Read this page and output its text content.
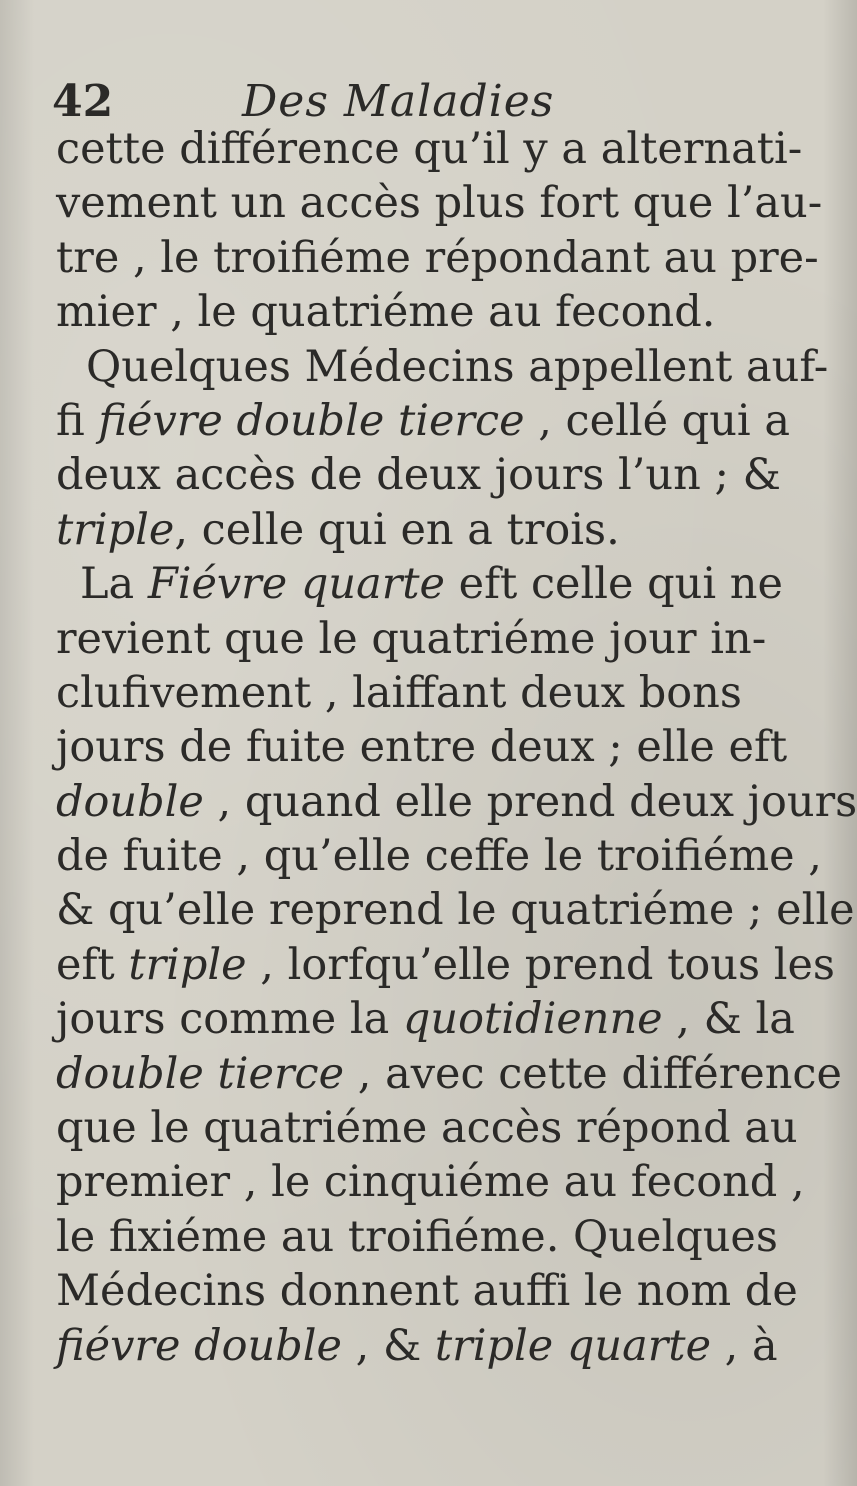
42	Des Maladies
cette différence qu’il y a alternati-
vement un accès plus fort que l’au-
tre , le troifiéme répondant au pre-
mier , le quatriéme au fecond.
Quelques Médecins appellent auf-
fi fiévre double tierce , cellé qui a
deux accès de deux jours l’un ; &
triple, celle qui en a trois.
La Fiévre quarte eft celle qui ne
revient que le quatriéme jour in-
clufivement , laiffant deux bons
jours de fuite entre deux ; elle eft
double , quand elle prend deux jours
de fuite , qu’elle ceffe le troifiéme ,
& qu’elle reprend le quatriéme ; elle
eft triple , lorfqu’elle prend tous les
jours comme la quotidienne , & la
double tierce , avec cette différence
que le quatriéme accès répond au
premier , le cinquiéme au fecond ,
le fixiéme au troifiéme. Quelques
Médecins donnent auffi le nom de
fiévre double , & triple quarte , à
